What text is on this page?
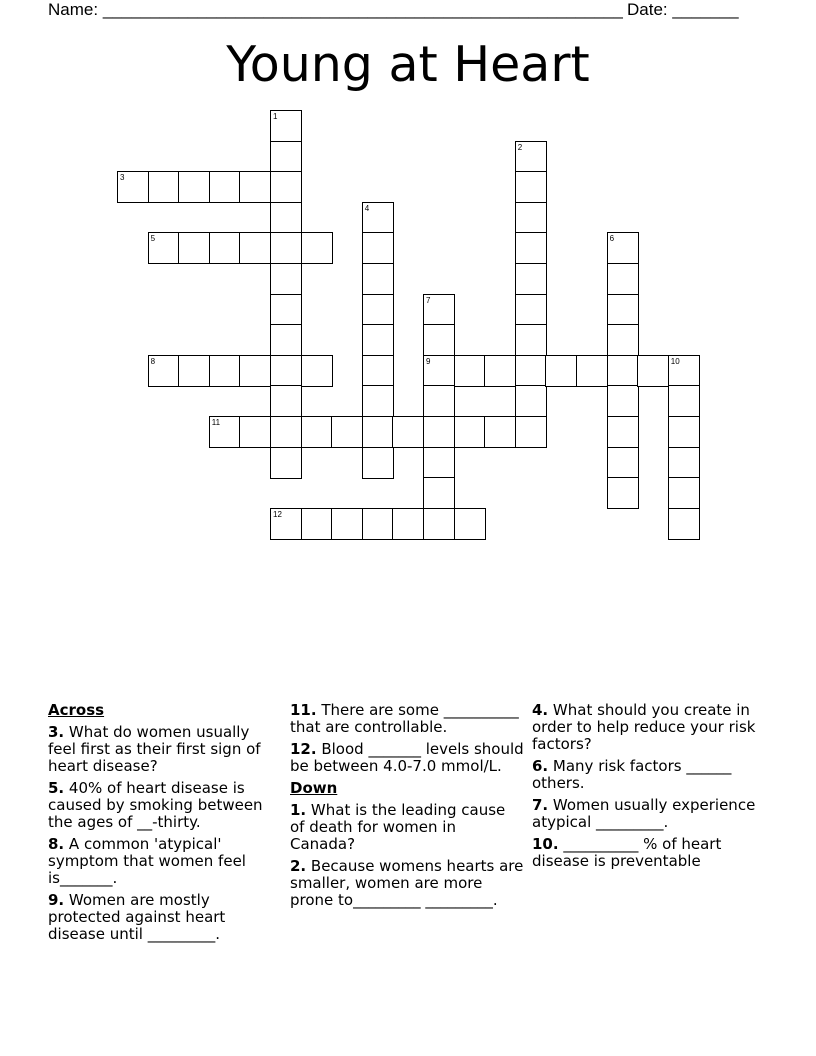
Name: _______________________________________________________ Date: _______
Young at Heart
1
2
3
4
5	6
7
9
8	10
11
12
Across
3. What do women usually feel first as their first sign of heart disease?
5. 40% of heart disease is caused by smoking between the ages of __-thirty.
8. A common 'atypical' symptom that women feel is_______.
9. Women are mostly protected against heart disease until _________.
11. There are some __________ that are controllable.
12. Blood _______ levels should be between 4.0-7.0 mmol/L.
Down
1. What is the leading cause of death for women in Canada?
2. Because womens hearts are smaller, women are more prone to_________ _________.
4. What should you create in order to help reduce your risk factors?
6. Many risk factors ______ others.
7. Women usually experience atypical _________.
10. __________ % of heart disease is preventable
